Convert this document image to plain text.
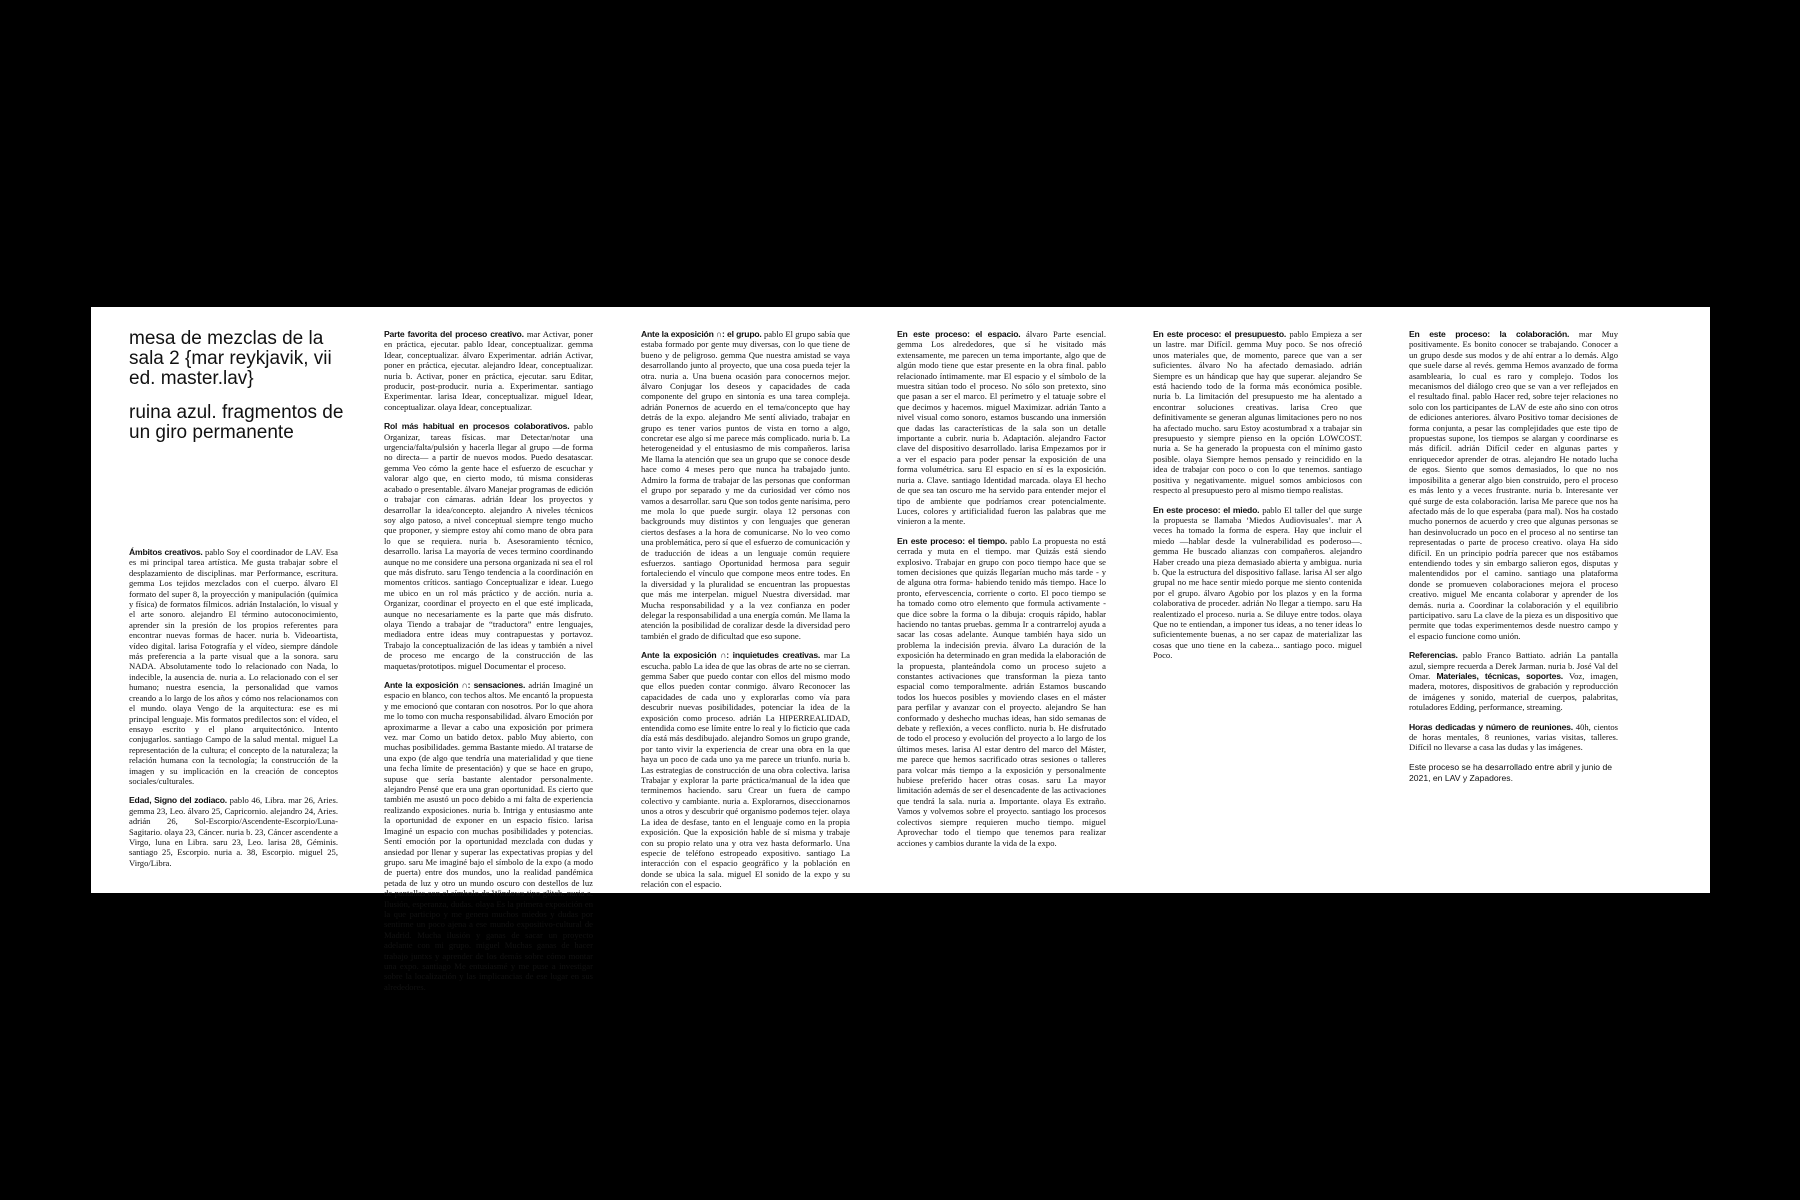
mesa de mezclas de la sala 2 {mar reykjavik, vii ed. master.lav}
ruina azul. fragmentos de un giro permanente

Ámbitos creativos. pablo Soy el coordinador de LAV. Esa es mi principal tarea artística. Me gusta trabajar sobre el desplazamiento de disciplinas. mar Performance, escritura. gemma Los tejidos mezclados con el cuerpo. álvaro El formato del super 8, la proyección y manipulación (química y física) de formatos fílmicos. adrián Instalación, lo visual y el arte sonoro. alejandro El término autoconocimiento, aprender sin la presión de los propios referentes para encontrar nuevas formas de hacer. nuria b. Videoartista, vídeo digital. larisa Fotografía y el vídeo, siempre dándole más preferencia a la parte visual que a la sonora. saru NADA. Absolutamente todo lo relacionado con Nada, lo indecible, la ausencia de. nuria a. Lo relacionado con el ser humano; nuestra esencia, la personalidad que vamos creando a lo largo de los años y cómo nos relacionamos con el mundo. olaya Vengo de la arquitectura: ese es mi principal lenguaje. Mis formatos predilectos son: el vídeo, el ensayo escrito y el plano arquitectónico. Intento conjugarlos. santiago Campo de la salud mental. miguel La representación de la cultura; el concepto de la naturaleza; la relación humana con la tecnología; la construcción de la imagen y su implicación en la creación de conceptos sociales/culturales.

Edad, Signo del zodiaco. pablo 46, Libra. mar 26, Aries. gemma 23, Leo. álvaro 25, Capricornio. alejandro 24, Aries. adrián 26, Sol-Escorpio/Ascendente-Escorpio/Luna-Sagitario. olaya 23, Cáncer. nuria b. 23, Cáncer ascendente a Virgo, luna en Libra. saru 23, Leo. larisa 28, Géminis. santiago 25, Escorpio. nuria a. 38, Escorpio. miguel 25, Virgo/Libra.

Parte favorita del proceso creativo. mar Activar, poner en práctica, ejecutar. pablo Idear, conceptualizar. gemma Idear, conceptualizar. álvaro Experimentar. adrián Activar, poner en práctica, ejecutar. alejandro Idear, conceptualizar. nuria b. Activar, poner en práctica, ejecutar. saru Editar, producir, post-producir. nuria a. Experimentar. santiago Experimentar. larisa Idear, conceptualizar. miguel Idear, conceptualizar. olaya Idear, conceptualizar.

Rol más habitual en procesos colaborativos. pablo Organizar, tareas físicas. mar Detectar/notar una urgencia/falta/pulsión y hacerla llegar al grupo —de forma no directa— a partir de nuevos modos. Puedo desatascar. gemma Veo cómo la gente hace el esfuerzo de escuchar y valorar algo que, en cierto modo, tú misma consideras acabado o presentable. álvaro Manejar programas de edición o trabajar con cámaras. adrián Idear los proyectos y desarrollar la idea/concepto. alejandro A niveles técnicos soy algo patoso, a nivel conceptual siempre tengo mucho que proponer, y siempre estoy ahí como mano de obra para lo que se requiera. nuria b. Asesoramiento técnico, desarrollo. larisa La mayoría de veces termino coordinando aunque no me considere una persona organizada ni sea el rol que más disfruto. saru Tengo tendencia a la coordinación en momentos críticos. santiago Conceptualizar e idear. Luego me ubico en un rol más práctico y de acción. nuria a. Organizar, coordinar el proyecto en el que esté implicada, aunque no necesariamente es la parte que más disfruto. olaya Tiendo a trabajar de “traductora” entre lenguajes, mediadora entre ideas muy contrapuestas y portavoz. Trabajo la conceptualización de las ideas y también a nivel de proceso me encargo de la construcción de las maquetas/prototipos. miguel Documentar el proceso.

Ante la exposición ∩: sensaciones. adrián Imaginé un espacio en blanco, con techos altos. Me encantó la propuesta y me emocionó que contaran con nosotros. Por lo que ahora me lo tomo con mucha responsabilidad. álvaro Emoción por aproximarme a llevar a cabo una exposición por primera vez. mar Como un batido detox. pablo Muy abierto, con muchas posibilidades. gemma Bastante miedo. Al tratarse de una expo (de algo que tendría una materialidad y que tiene una fecha límite de presentación) y que se hace en grupo, supuse que sería bastante alentador personalmente. alejandro Pensé que era una gran oportunidad. Es cierto que también me asustó un poco debido a mi falta de experiencia realizando exposiciones. nuria b. Intriga y entusiasmo ante la oportunidad de exponer en un espacio físico. larisa Imaginé un espacio con muchas posibilidades y potencias. Sentí emoción por la oportunidad mezclada con dudas y ansiedad por llenar y superar las expectativas propias y del grupo. saru Me imaginé bajo el símbolo de la expo (a modo de puerta) entre dos mundos, uno la realidad pandémica petada de luz y otro un mundo oscuro con destellos de luz de pantallas con el símbolo de Windows tipo glitch. nuria a. Ilusión, esperanza, dudas. olaya Es la primera exposición en la que participo y me genera muchos miedos y dudas por sentirme un poco ajena a ese mundo expositivo-cultural de Madrid. Mucha ilusión y ganas de sacar un proyecto adelante con mi grupo. miguel Muchas ganas de hacer trabajo juntxs y aprender de los demás sobre cómo montar una expo. santiago Me entusiasmé y me puse a investigar sobre la localización y las implicancias de ese lugar en sus alrededores.

Ante la exposición ∩: el grupo. pablo El grupo sabía que estaba formado por gente muy diversas, con lo que tiene de bueno y de peligroso. gemma Que nuestra amistad se vaya desarrollando junto al proyecto, que una cosa pueda tejer la otra. nuria a. Una buena ocasión para conocernos mejor. álvaro Conjugar los deseos y capacidades de cada componente del grupo en sintonía es una tarea compleja. adrián Ponernos de acuerdo en el tema/concepto que hay detrás de la expo. alejandro Me sentí aliviado, trabajar en grupo es tener varios puntos de vista en torno a algo, concretar ese algo sí me parece más complicado. nuria b. La heterogeneidad y el entusiasmo de mis compañeros. larisa Me llama la atención que sea un grupo que se conoce desde hace como 4 meses pero que nunca ha trabajado junto. Admiro la forma de trabajar de las personas que conforman el grupo por separado y me da curiosidad ver cómo nos vamos a desarrollar. saru Que son todos gente narísima, pero me mola lo que puede surgir. olaya 12 personas con backgrounds muy distintos y con lenguajes que generan ciertos desfases a la hora de comunicarse. No lo veo como una problemática, pero sí que el esfuerzo de comunicación y de traducción de ideas a un lenguaje común requiere esfuerzos. santiago Oportunidad hermosa para seguir fortaleciendo el vínculo que compone meos entre todes. En la diversidad y la pluralidad se encuentran las propuestas que más me interpelan. miguel Nuestra diversidad. mar Mucha responsabilidad y a la vez confianza en poder delegar la responsabilidad a una energía común. Me llama la atención la posibilidad de coralizar desde la diversidad pero también el grado de dificultad que eso supone.

Ante la exposición ∩: inquietudes creativas. mar La escucha. pablo La idea de que las obras de arte no se cierran. gemma Saber que puedo contar con ellos del mismo modo que ellos pueden contar conmigo. álvaro Reconocer las capacidades de cada uno y explorarlas como vía para descubrir nuevas posibilidades, potenciar la idea de la exposición como proceso. adrián La HIPERREALIDAD, entendida como ese límite entre lo real y lo ficticio que cada día está más desdibujado. alejandro Somos un grupo grande, por tanto vivir la experiencia de crear una obra en la que haya un poco de cada uno ya me parece un triunfo. nuria b. Las estrategias de construcción de una obra colectiva. larisa Trabajar y explorar la parte práctica/manual de la idea que terminemos haciendo. saru Crear un fuera de campo colectivo y cambiante. nuria a. Explorarnos, diseccionarnos unos a otros y descubrir qué organismo podemos tejer. olaya La idea de desfase, tanto en el lenguaje como en la propia exposición. Que la exposición hable de sí misma y trabaje con su propio relato una y otra vez hasta deformarlo. Una especie de teléfono estropeado expositivo. santiago La interacción con el espacio geográfico y la población en donde se ubica la sala. miguel El sonido de la expo y su relación con el espacio.

En este proceso: el espacio. álvaro Parte esencial. gemma Los alrededores, que sí he visitado más extensamente, me parecen un tema importante, algo que de algún modo tiene que estar presente en la obra final. pablo relacionado íntimamente. mar El espacio y el símbolo de la muestra sitúan todo el proceso. No sólo son pretexto, sino que pasan a ser el marco. El perímetro y el tatuaje sobre el que decimos y hacemos. miguel Maximizar. adrián Tanto a nivel visual como sonoro, estamos buscando una inmersión que dadas las características de la sala son un detalle importante a cubrir. nuria b. Adaptación. alejandro Factor clave del dispositivo desarrollado. larisa Empezamos por ir a ver el espacio para poder pensar la exposición de una forma volumétrica. saru El espacio en sí es la exposición. nuria a. Clave. santiago Identidad marcada. olaya El hecho de que sea tan oscuro me ha servido para entender mejor el tipo de ambiente que podríamos crear potencialmente. Luces, colores y artificialidad fueron las palabras que me vinieron a la mente.

En este proceso: el tiempo. pablo La propuesta no está cerrada y muta en el tiempo. mar Quizás está siendo explosivo. Trabajar en grupo con poco tiempo hace que se tomen decisiones que quizás llegarían mucho más tarde - y de alguna otra forma- habiendo tenido más tiempo. Hace lo pronto, efervescencia, corriente o corto. El poco tiempo se ha tomado como otro elemento que formula activamente - que dice sobre la forma o la dibuja: croquis rápido, hablar haciendo no tantas pruebas. gemma Ir a contrarreloj ayuda a sacar las cosas adelante. Aunque también haya sido un problema la indecisión previa. álvaro La duración de la exposición ha determinado en gran medida la elaboración de la propuesta, planteándola como un proceso sujeto a constantes activaciones que transforman la pieza tanto espacial como temporalmente. adrián Estamos buscando todos los huecos posibles y moviendo clases en el máster para perfilar y avanzar con el proyecto. alejandro Se han conformado y deshecho muchas ideas, han sido semanas de debate y reflexión, a veces conflicto. nuria b. He disfrutado de todo el proceso y evolución del proyecto a lo largo de los últimos meses. larisa Al estar dentro del marco del Máster, me parece que hemos sacrificado otras sesiones o talleres para volcar más tiempo a la exposición y personalmente hubiese preferido hacer otras cosas. saru La mayor limitación además de ser el desencadente de las activaciones que tendrá la sala. nuria a. Importante. olaya Es extraño. Vamos y volvemos sobre el proyecto. santiago los procesos colectivos siempre requieren mucho tiempo. miguel Aprovechar todo el tiempo que tenemos para realizar acciones y cambios durante la vida de la expo.

En este proceso: el presupuesto. pablo Empieza a ser un lastre. mar Difícil. gemma Muy poco. Se nos ofreció unos materiales que, de momento, parece que van a ser suficientes. álvaro No ha afectado demasiado. adrián Siempre es un hándicap que hay que superar. alejandro Se está haciendo todo de la forma más económica posible. nuria b. La limitación del presupuesto me ha alentado a encontrar soluciones creativas. larisa Creo que definitivamente se generan algunas limitaciones pero no nos ha afectado mucho. saru Estoy acostumbrad x a trabajar sin presupuesto y siempre pienso en la opción LOWCOST. nuria a. Se ha generado la propuesta con el mínimo gasto posible. olaya Siempre hemos pensado y reincidido en la idea de trabajar con poco o con lo que tenemos. santiago positiva y negativamente. miguel somos ambiciosos con respecto al presupuesto pero al mismo tiempo realistas.

En este proceso: el miedo. pablo El taller del que surge la propuesta se llamaba ‘Miedos Audiovisuales’. mar A veces ha tomado la forma de espera. Hay que incluir el miedo —hablar desde la vulnerabilidad es poderoso—. gemma He buscado alianzas con compañeros. alejandro Haber creado una pieza demasiado abierta y ambigua. nuria b. Que la estructura del dispositivo fallase. larisa Al ser algo grupal no me hace sentir miedo porque me siento contenida por el grupo. álvaro Agobio por los plazos y en la forma colaborativa de proceder. adrián No llegar a tiempo. saru Ha realentizado el proceso. nuria a. Se diluye entre todos. olaya Que no te entiendan, a imponer tus ideas, a no tener ideas lo suficientemente buenas, a no ser capaz de materializar las cosas que uno tiene en la cabeza... santiago poco. miguel Poco.

En este proceso: la colaboración. mar Muy positivamente. Es bonito conocer se trabajando. Conocer a un grupo desde sus modos y de ahí entrar a lo demás. Algo que suele darse al revés. gemma Hemos avanzado de forma asamblearia, lo cual es raro y complejo. Todos los mecanismos del diálogo creo que se van a ver reflejados en el resultado final. pablo Hacer red, sobre tejer relaciones no solo con los participantes de LAV de este año sino con otros de ediciones anteriores. álvaro Positivo tomar decisiones de forma conjunta, a pesar las complejidades que este tipo de propuestas supone, los tiempos se alargan y coordinarse es más difícil. adrián Difícil ceder en algunas partes y enriquecedor aprender de otras. alejandro He notado lucha de egos. Siento que somos demasiados, lo que no nos imposibilita a generar algo bien construido, pero el proceso es más lento y a veces frustrante. nuria b. Interesante ver qué surge de esta colaboración. larisa Me parece que nos ha afectado más de lo que esperaba (para mal). Nos ha costado mucho ponernos de acuerdo y creo que algunas personas se han desinvolucrado un poco en el proceso al no sentirse tan representadas o parte de proceso creativo. olaya Ha sido difícil. En un principio podría parecer que nos estábamos entendiendo todes y sin embargo salieron egos, disputas y malentendidos por el camino. santiago una plataforma donde se promueven colaboraciones mejora el proceso creativo. miguel Me encanta colaborar y aprender de los demás. nuria a. Coordinar la colaboración y el equilibrio participativo. saru La clave de la pieza es un dispositivo que permite que todas experimentemos desde nuestro campo y el espacio funcione como unión.

Referencias. pablo Franco Battiato. adrián La pantalla azul, siempre recuerda a Derek Jarman. nuria b. José Val del Omar. Materiales, técnicas, soportes. Voz, imagen, madera, motores, dispositivos de grabación y reproducción de imágenes y sonido, material de cuerpos, palabritas, rotuladores Edding, performance, streaming.

Horas dedicadas y número de reuniones. 40h, cientos de horas mentales, 8 reuniones, varias visitas, talleres. Difícil no llevarse a casa las dudas y las imágenes.

Este proceso se ha desarrollado entre abril y junio de 2021, en LAV y Zapadores.
